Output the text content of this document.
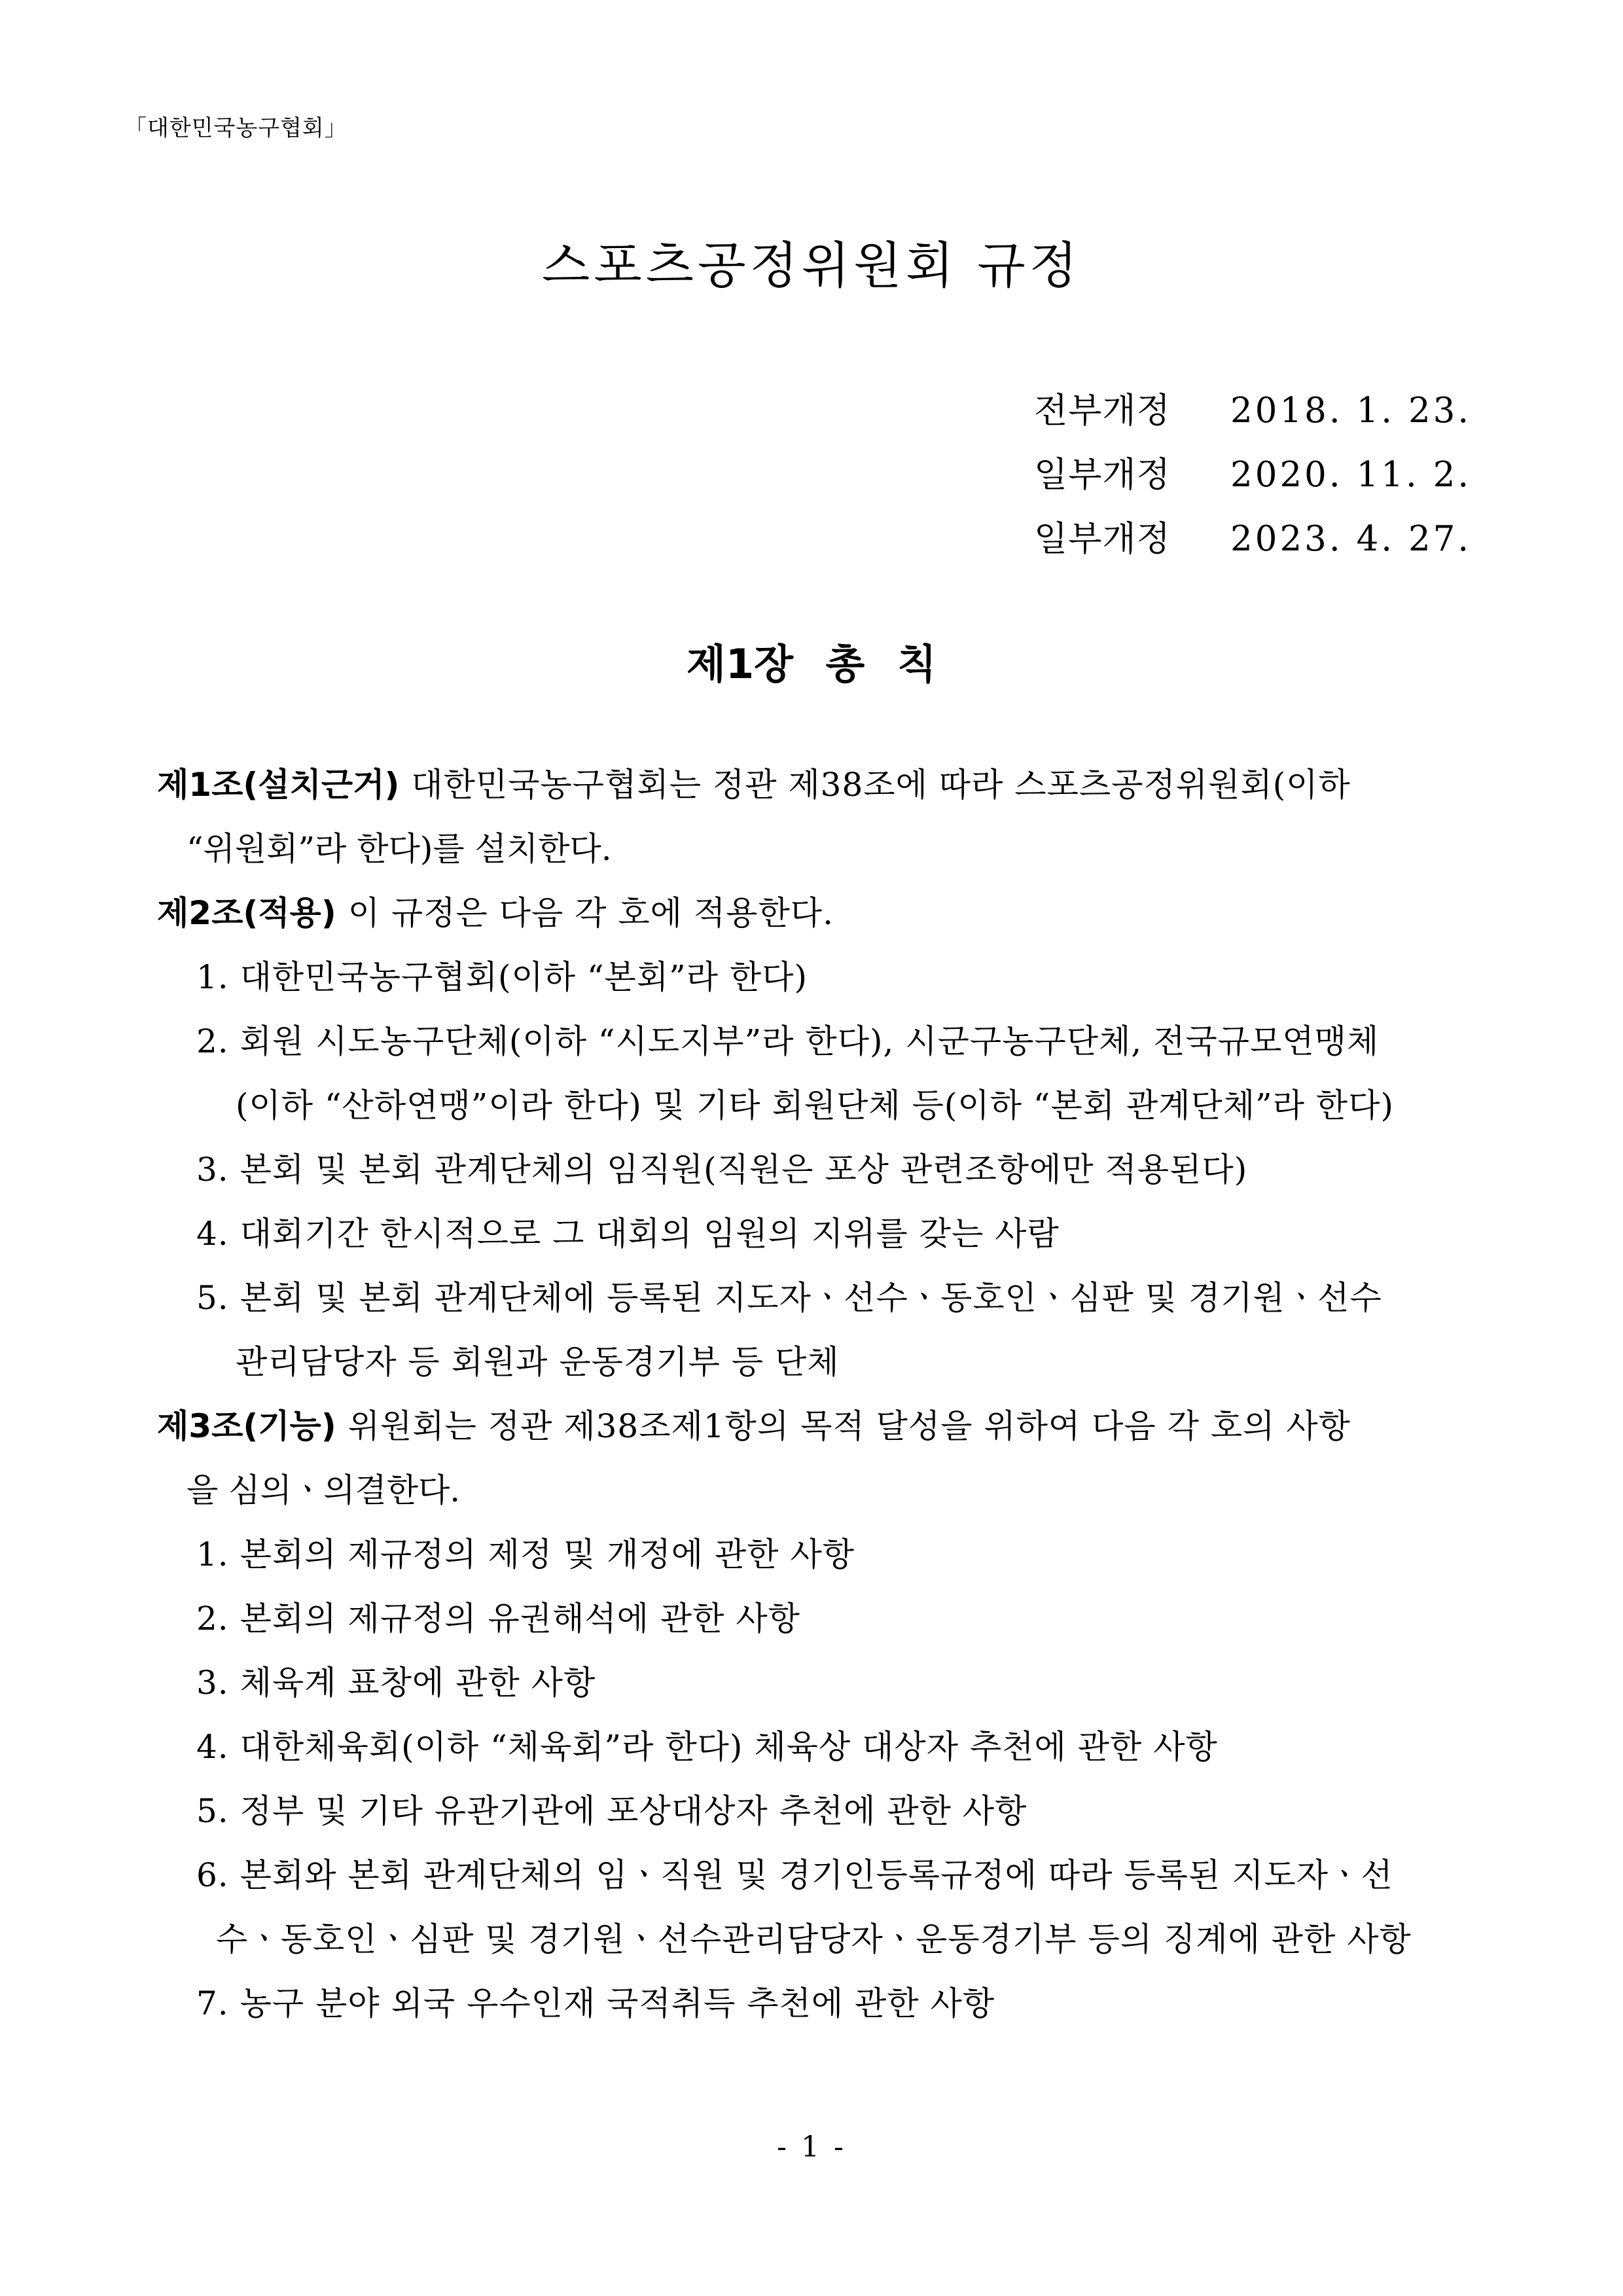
「대한민국농구협회」
스포츠공정위원회 규정
전부개정 2018. 1. 23.
일부개정 2020. 11. 2.
일부개정 2023. 4. 27.
제1장 총 칙
제1조(설치근거) 대한민국농구협회는 정관 제38조에 따라 스포츠공정위원회(이하
“위원회”라 한다)를 설치한다.
제2조(적용) 이 규정은 다음 각 호에 적용한다.
1. 대한민국농구협회(이하 “본회”라 한다)
2. 회원 시도농구단체(이하 “시도지부”라 한다), 시군구농구단체, 전국규모연맹체
(이하 “산하연맹”이라 한다) 및 기타 회원단체 등(이하 “본회 관계단체”라 한다)
3. 본회 및 본회 관계단체의 임직원(직원은 포상 관련조항에만 적용된다)
4. 대회기간 한시적으로 그 대회의 임원의 지위를 갖는 사람
5. 본회 및 본회 관계단체에 등록된 지도자ㆍ선수ㆍ동호인ㆍ심판 및 경기원ㆍ선수
관리담당자 등 회원과 운동경기부 등 단체
제3조(기능) 위원회는 정관 제38조제1항의 목적 달성을 위하여 다음 각 호의 사항
을 심의ㆍ의결한다.
1. 본회의 제규정의 제정 및 개정에 관한 사항
2. 본회의 제규정의 유권해석에 관한 사항
3. 체육계 표창에 관한 사항
4. 대한체육회(이하 “체육회”라 한다) 체육상 대상자 추천에 관한 사항
5. 정부 및 기타 유관기관에 포상대상자 추천에 관한 사항
6. 본회와 본회 관계단체의 임ㆍ직원 및 경기인등록규정에 따라 등록된 지도자ㆍ선
수ㆍ동호인ㆍ심판 및 경기원ㆍ선수관리담당자ㆍ운동경기부 등의 징계에 관한 사항
7. 농구 분야 외국 우수인재 국적취득 추천에 관한 사항
- 1 -
